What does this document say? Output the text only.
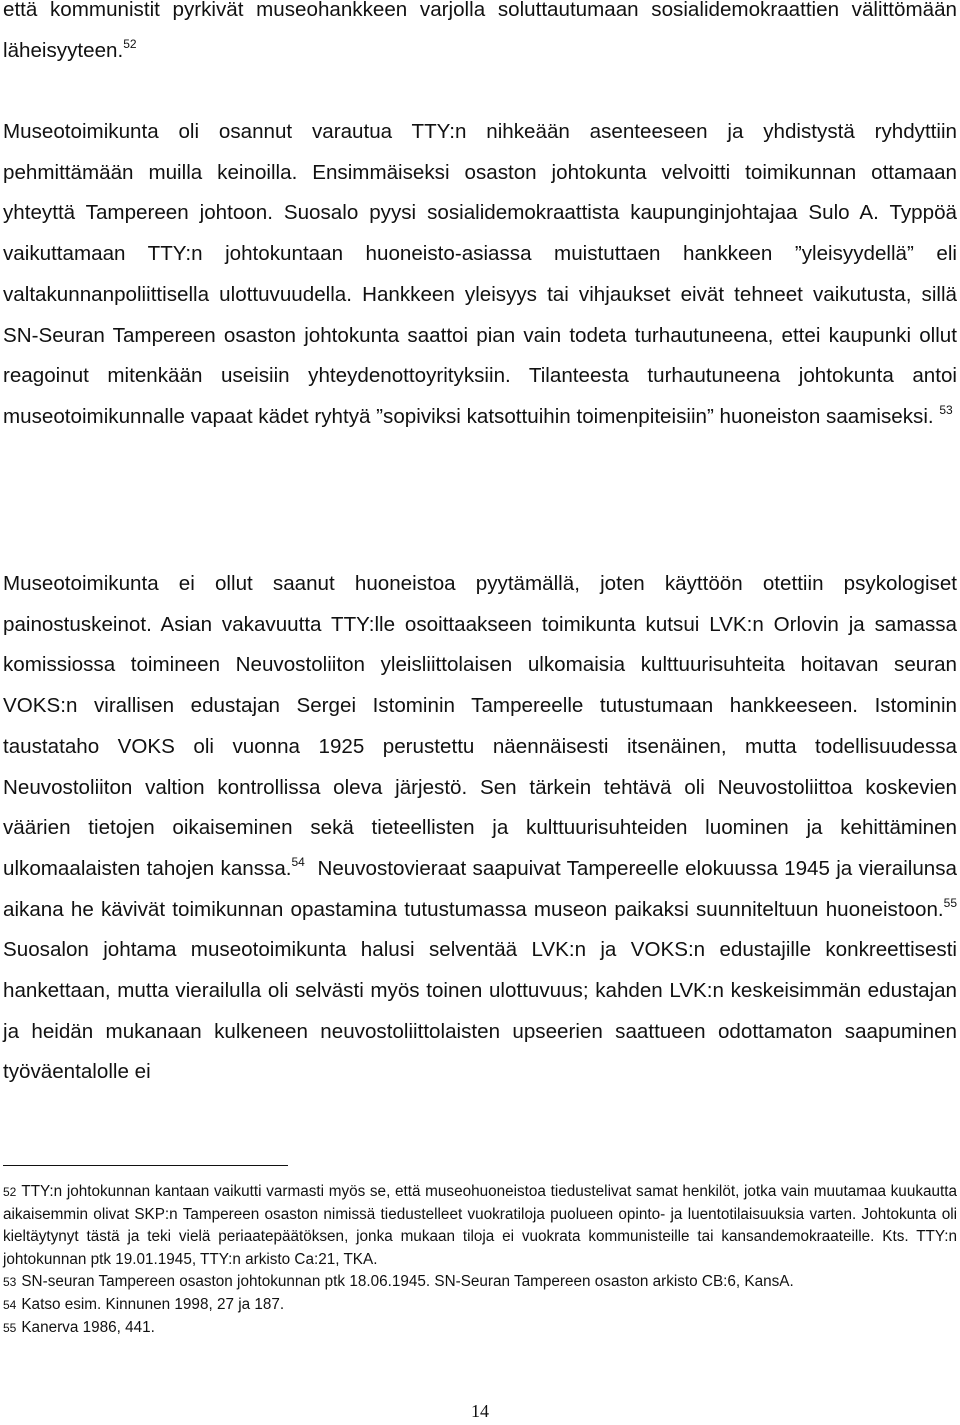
että kommunistit pyrkivät museohankkeen varjolla soluttautumaan sosialidemokraattien välittömään läheisyyteen.$^{52}$

Museotoimikunta oli osannut varautua TTY:n nihkeään asenteeseen ja yhdistystä ryhdyttiin pehmittämään muilla keinoilla. Ensimmäiseksi osaston johtokunta velvoitti toimikunnan ottamaan yhteyttä Tampereen johtoon. Suosalo pyysi sosialidemokraattista kaupunginjohtajaa Sulo A. Typpöä vaikuttamaan TTY:n johtokuntaan huoneisto-asiassa muistuttaen hankkeen ”yleisyydellä” eli valtakunnanpoliittisella ulottuvuudella. Hankkeen yleisyys tai vihjaukset eivät tehneet vaikutusta, sillä SN-Seuran Tampereen osaston johtokunta saattoi pian vain todeta turhautuneena, ettei kaupunki ollut reagoinut mitenkään useisiin yhteydenottoyrityksiin. Tilanteesta turhautuneena johtokunta antoi museotoimikunnalle vapaat kädet ryhtyä ”sopiviksi katsottuihin toimenpiteisiin” huoneiston saamiseksi. $^{53}$

Museotoimikunta ei ollut saanut huoneistoa pyytämällä, joten käyttöön otettiin psykologiset painostuskeinot. Asian vakavuutta TTY:lle osoittaakseen toimikunta kutsui LVK:n Orlovin ja samassa komissiossa toimineen Neuvostoliiton yleisliittolaisen ulkomaisia kulttuurisuhteita hoitavan seuran VOKS:n virallisen edustajan Sergei Istominin Tampereelle tutustumaan hankkeeseen. Istominin taustataho VOKS oli vuonna 1925 perustettu näennäisesti itsenäinen, mutta todellisuudessa Neuvostoliiton valtion kontrollissa oleva järjestö. Sen tärkein tehtävä oli Neuvostoliittoa koskevien väärien tietojen oikaiseminen sekä tieteellisten ja kulttuurisuhteiden luominen ja kehittäminen ulkomaalaisten tahojen kanssa.$^{54}$ Neuvostovieraat saapuivat Tampereelle elokuussa 1945 ja vierailunsa aikana he kävivät toimikunnan opastamina tutustumassa museon paikaksi suunniteltuun huoneistoon.$^{55}$ Suosalon johtama museotoimikunta halusi selventää LVK:n ja VOKS:n edustajille konkreettisesti hankettaan, mutta vierailulla oli selvästi myös toinen ulottuvuus; kahden LVK:n keskeisimmän edustajan ja heidän mukanaan kulkeneen neuvostoliittolaisten upseerien saattueen odottamaton saapuminen työväentalolle ei

52 TTY:n johtokunnan kantaan vaikutti varmasti myös se, että museohuoneistoa tiedustelivat samat henkilöt, jotka vain muutamaa kuukautta aikaisemmin olivat SKP:n Tampereen osaston nimissä tiedustelleet vuokratiloja puolueen opinto- ja luentotilaisuuksia varten. Johtokunta oli kieltäytynyt tästä ja teki vielä periaatepäätöksen, jonka mukaan tiloja ei vuokrata kommunisteille tai kansandemokraateille. Kts. TTY:n johtokunnan ptk 19.01.1945, TTY:n arkisto Ca:21, TKA.

53 SN-seuran Tampereen osaston johtokunnan ptk 18.06.1945. SN-Seuran Tampereen osaston arkisto CB:6, KansA.

54 Katso esim. Kinnunen 1998, 27 ja 187.

55 Kanerva 1986, 441.

14
